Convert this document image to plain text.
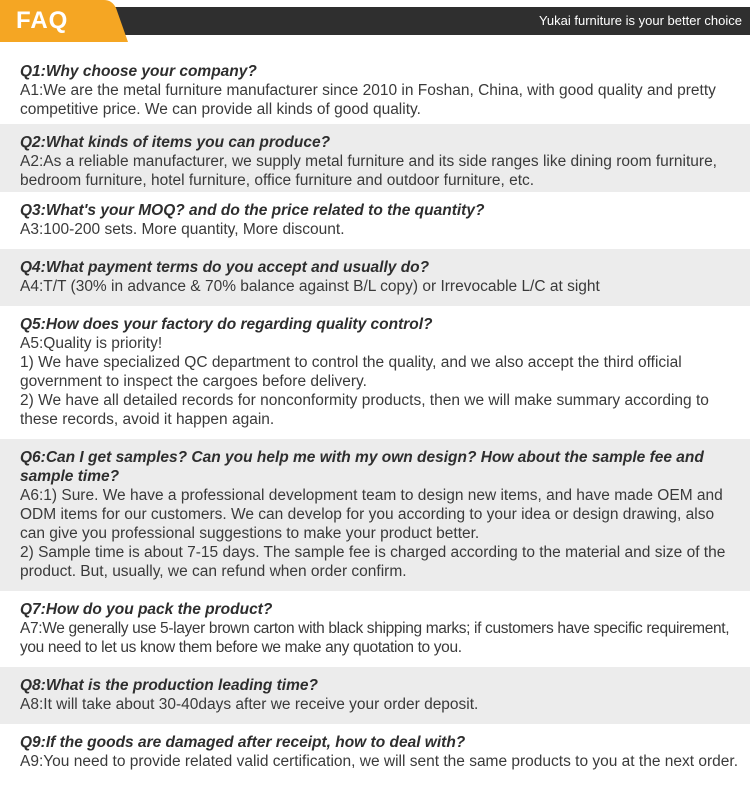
Yukai furniture is your better choice
FAQ
Q1:Why choose your company?
A1:We are the metal furniture manufacturer since 2010 in Foshan, China, with good quality and pretty competitive price. We can provide all kinds of good quality.
Q2:What kinds of items you can produce?
A2:As a reliable manufacturer, we supply metal furniture and its side ranges like dining room furniture, bedroom furniture, hotel furniture, office furniture and outdoor furniture, etc.
Q3:What's your MOQ? and do the price related to the quantity?
A3:100-200 sets. More quantity, More discount.
Q4:What payment terms do you accept and usually do?
A4:T/T (30% in advance & 70% balance against B/L copy) or Irrevocable L/C at sight
Q5:How does your factory do regarding quality control?
A5:Quality is priority!
1) We have specialized QC department to control the quality, and we also accept the third official government to inspect the cargoes before delivery.
2) We have all detailed records for nonconformity products, then we will make summary according to these records, avoid it happen again.
Q6:Can I get samples? Can you help me with my own design? How about the sample fee and sample time?
A6:1) Sure. We have a professional development team to design new items, and have made OEM and ODM items for our customers. We can develop for you according to your idea or design drawing, also can give you professional suggestions to make your product better.
2) Sample time is about 7-15 days. The sample fee is charged according to the material and size of the product. But, usually, we can refund when order confirm.
Q7:How do you pack the product?
A7:We generally use 5-layer brown carton with black shipping marks; if customers have specific requirement, you need to let us know them before we make any quotation to you.
Q8:What is the production leading time?
A8:It will take about 30-40days after we receive your order deposit.
Q9:If the goods are damaged after receipt, how to deal with?
A9:You need to provide related valid certification, we will sent the same products to you at the next order.
